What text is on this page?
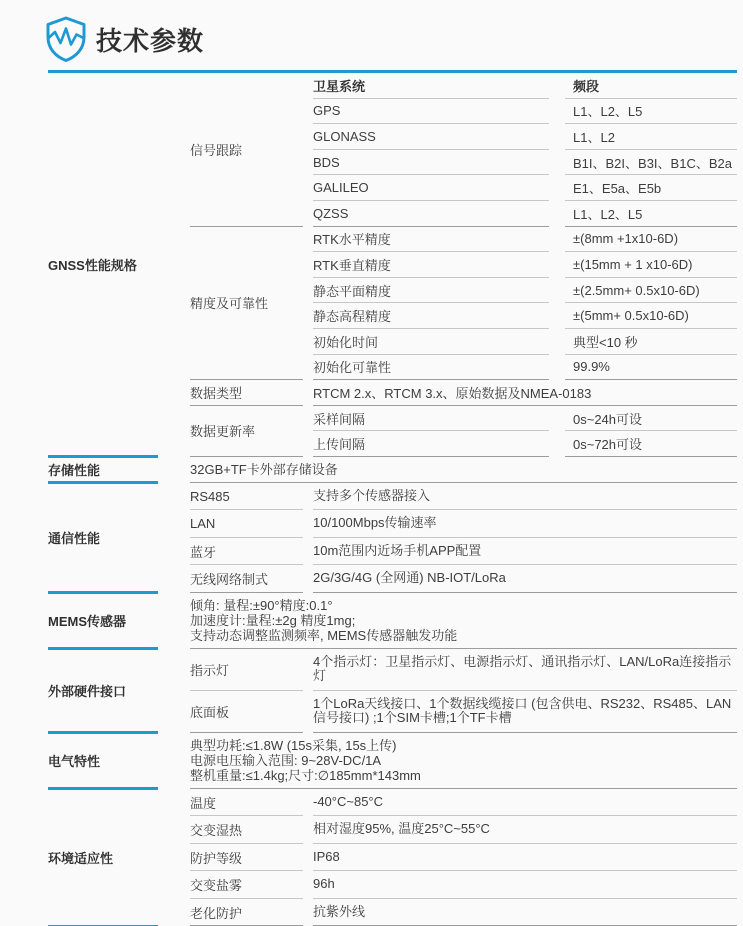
技术参数
GNSS性能规格
信号跟踪
卫星系统	频段
GPS	L1、L2、L5
GLONASS	L1、L2
BDS	B1I、B2I、B3I、B1C、B2a
GALILEO	E1、E5a、E5b
QZSS	L1、L2、L5
精度及可靠性
RTK水平精度	±(8mm +1x10-6D)
RTK垂直精度	±(15mm + 1 x10-6D)
静态平面精度	±(2.5mm+ 0.5x10-6D)
静态高程精度	±(5mm+ 0.5x10-6D)
初始化时间	典型<10 秒
初始化可靠性	99.9%
数据类型	RTCM 2.x、RTCM 3.x、原始数据及NMEA-0183
数据更新率
采样间隔	0s~24h可设
上传间隔	0s~72h可设
存储性能	32GB+TF卡外部存储设备
通信性能
RS485	支持多个传感器接入
LAN	10/100Mbps传输速率
蓝牙	10m范围内近场手机APP配置
无线网络制式	2G/3G/4G (全网通) NB-IOT/LoRa
MEMS传感器
倾角: 量程:±90°精度:0.1°
加速度计:量程:±2g 精度1mg;
支持动态调整监测频率, MEMS传感器触发功能
外部硬件接口
指示灯
4个指示灯：卫星指示灯、电源指示灯、通讯指示灯、LAN/LoRa连接指示灯
底面板
1个LoRa天线接口、1个数据线缆接口 (包含供电、RS232、RS485、LAN信号接口) ;1个SIM卡槽;1个TF卡槽
电气特性
典型功耗:≤1.8W (15s采集, 15s上传)
电源电压输入范围: 9~28V-DC/1A
整机重量:≤1.4kg;尺寸:∅185mm*143mm
环境适应性
温度	-40°C~85°C
交变湿热	相对湿度95%, 温度25°C~55°C
防护等级	IP68
交变盐雾	96h
老化防护	抗紫外线
